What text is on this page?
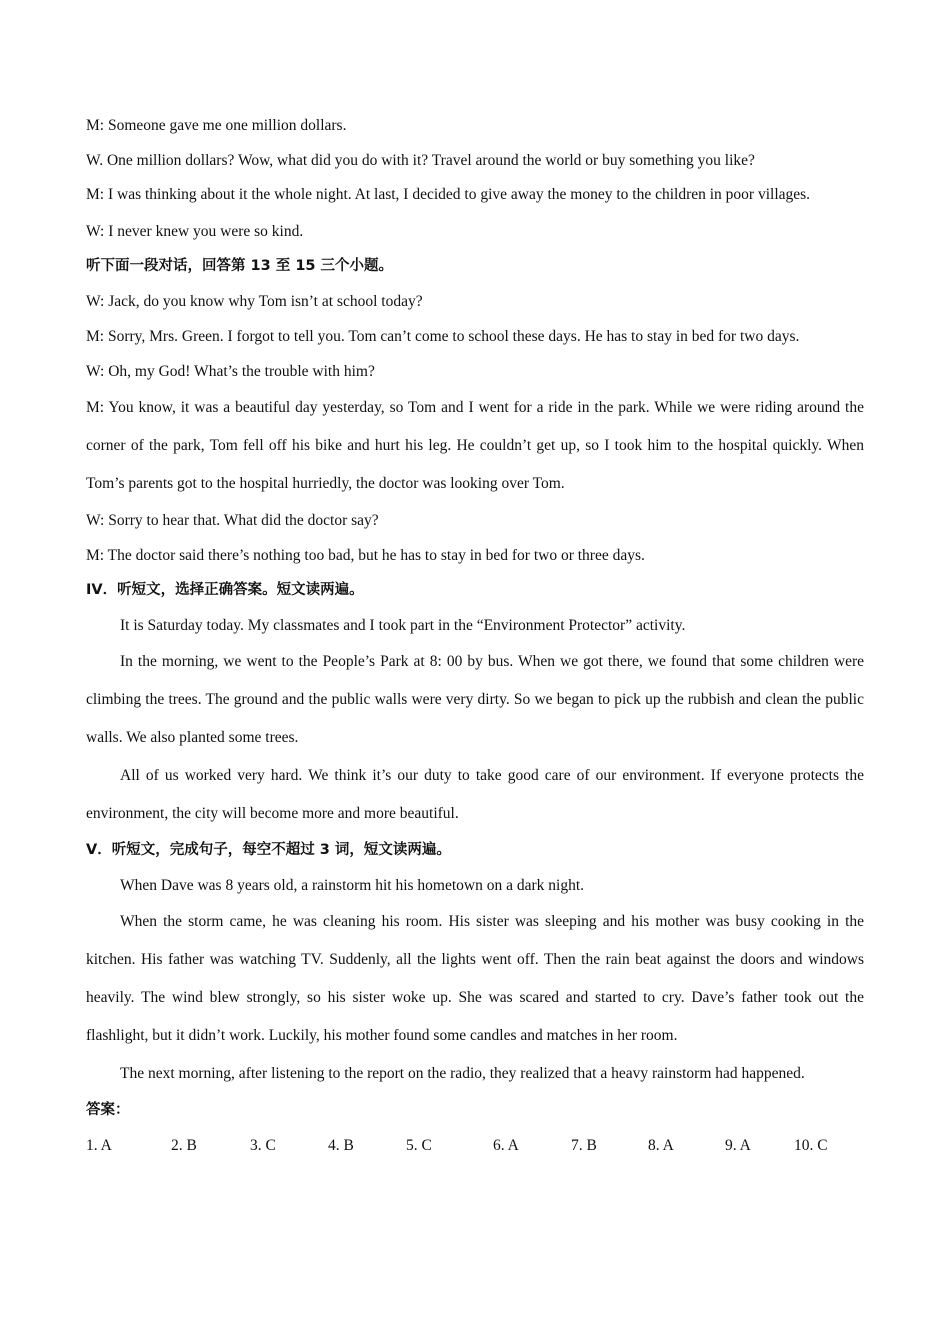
M: Someone gave me one million dollars.

W. One million dollars? Wow, what did you do with it? Travel around the world or buy something you like?

M: I was thinking about it the whole night. At last, I decided to give away the money to the children in poor villages.

W: I never knew you were so kind.

听下面一段对话，回答第 13 至 15 三个小题。

W: Jack, do you know why Tom isn’t at school today?

M: Sorry, Mrs. Green. I forgot to tell you. Tom can’t come to school these days. He has to stay in bed for two days.

W: Oh, my God! What’s the trouble with him?

M: You know, it was a beautiful day yesterday, so Tom and I went for a ride in the park. While we were riding around the corner of the park, Tom fell off his bike and hurt his leg. He couldn’t get up, so I took him to the hospital quickly. When Tom’s parents got to the hospital hurriedly, the doctor was looking over Tom.

W: Sorry to hear that. What did the doctor say?

M: The doctor said there’s nothing too bad, but he has to stay in bed for two or three days.

IV．听短文，选择正确答案。短文读两遍。

It is Saturday today. My classmates and I took part in the “Environment Protector” activity.

In the morning, we went to the People’s Park at 8: 00 by bus. When we got there, we found that some children were climbing the trees. The ground and the public walls were very dirty. So we began to pick up the rubbish and clean the public walls. We also planted some trees.

All of us worked very hard. We think it’s our duty to take good care of our environment. If everyone protects the environment, the city will become more and more beautiful.

V．听短文，完成句子，每空不超过 3 词，短文读两遍。

When Dave was 8 years old, a rainstorm hit his hometown on a dark night.

When the storm came, he was cleaning his room. His sister was sleeping and his mother was busy cooking in the kitchen. His father was watching TV. Suddenly, all the lights went off. Then the rain beat against the doors and windows heavily. The wind blew strongly, so his sister woke up. She was scared and started to cry. Dave’s father took out the flashlight, but it didn’t work. Luckily, his mother found some candles and matches in her room.

The next morning, after listening to the report on the radio, they realized that a heavy rainstorm had happened.

答案：

1. A	2. B	3. C	4. B	5. C	6. A	7. B	8. A	9. A	10. C
